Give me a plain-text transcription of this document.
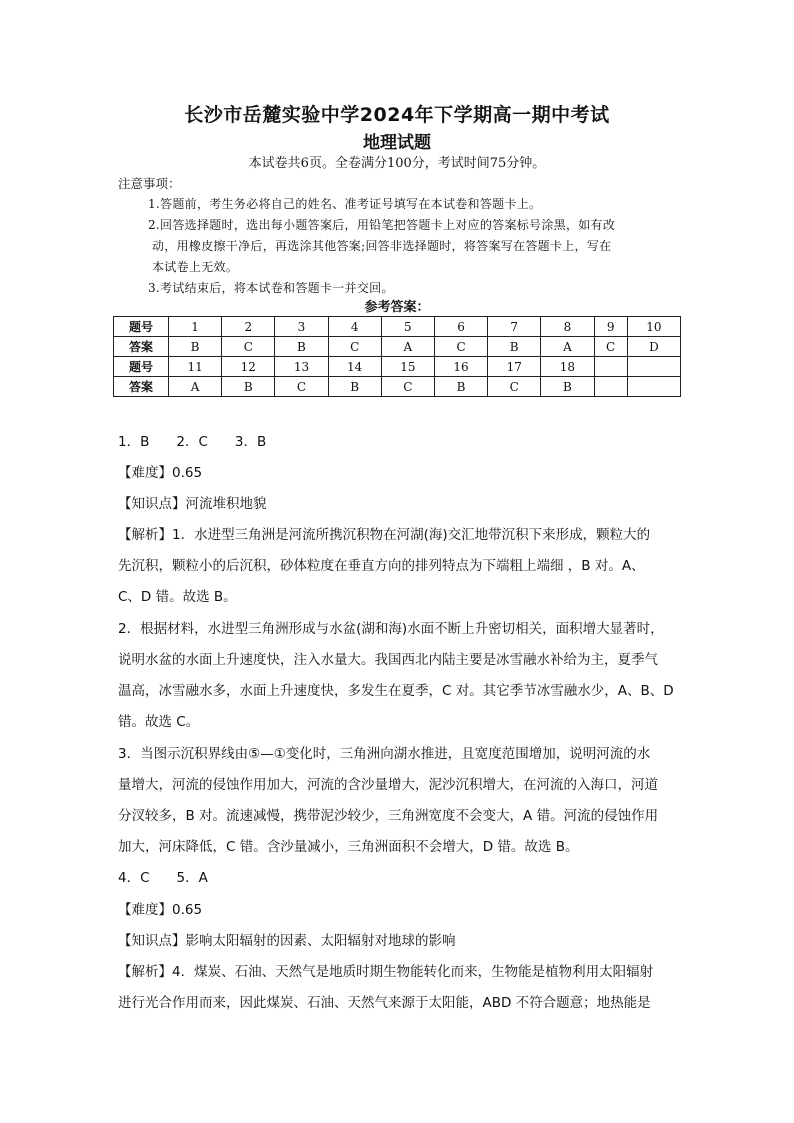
长沙市岳麓实验中学2024年下学期高一期中考试
地理试题
本试卷共6页。全卷满分100分，考试时间75分钟。
注意事项：
1.答题前，考生务必将自己的姓名、准考证号填写在本试卷和答题卡上。
2.回答选择题时，选出每小题答案后，用铅笔把答题卡上对应的答案标号涂黑，如有改
动，用橡皮擦干净后，再选涂其他答案;回答非选择题时，将答案写在答题卡上，写在
本试卷上无效。
3.考试结束后，将本试卷和答题卡一并交回。
参考答案：
题号	1	2	3	4	5	6	7	8	9	10
答案	B	C	B	C	A	C	B	A	C	D
题号	11	12	13	14	15	16	17	18		
答案	A	B	C	B	C	B	C	B		
1．B　　2．C　　3．B
【难度】0.65
【知识点】河流堆积地貌
【解析】1．水进型三角洲是河流所携沉积物在河湖(海)交汇地带沉积下来形成，颗粒大的
先沉积，颗粒小的后沉积，砂体粒度在垂直方向的排列特点为下端粗上端细 ，B 对。A、
C、D 错。故选 B。
2．根据材料，水进型三角洲形成与水盆(湖和海)水面不断上升密切相关，面积增大显著时，
说明水盆的水面上升速度快，注入水量大。我国西北内陆主要是冰雪融水补给为主，夏季气
温高，冰雪融水多，水面上升速度快，多发生在夏季，C 对。其它季节冰雪融水少，A、B、D
错。故选 C。
3．当图示沉积界线由⑤—①变化时，三角洲向湖水推进，且宽度范围增加，说明河流的水
量增大，河流的侵蚀作用加大，河流的含沙量增大，泥沙沉积增大，在河流的入海口，河道
分汊较多，B 对。流速减慢，携带泥沙较少，三角洲宽度不会变大，A 错。河流的侵蚀作用
加大，河床降低，C 错。含沙量减小，三角洲面积不会增大，D 错。故选 B。
4．C　　5．A
【难度】0.65
【知识点】影响太阳辐射的因素、太阳辐射对地球的影响
【解析】4．煤炭、石油、天然气是地质时期生物能转化而来，生物能是植物利用太阳辐射
进行光合作用而来，因此煤炭、石油、天然气来源于太阳能，ABD 不符合题意；地热能是
